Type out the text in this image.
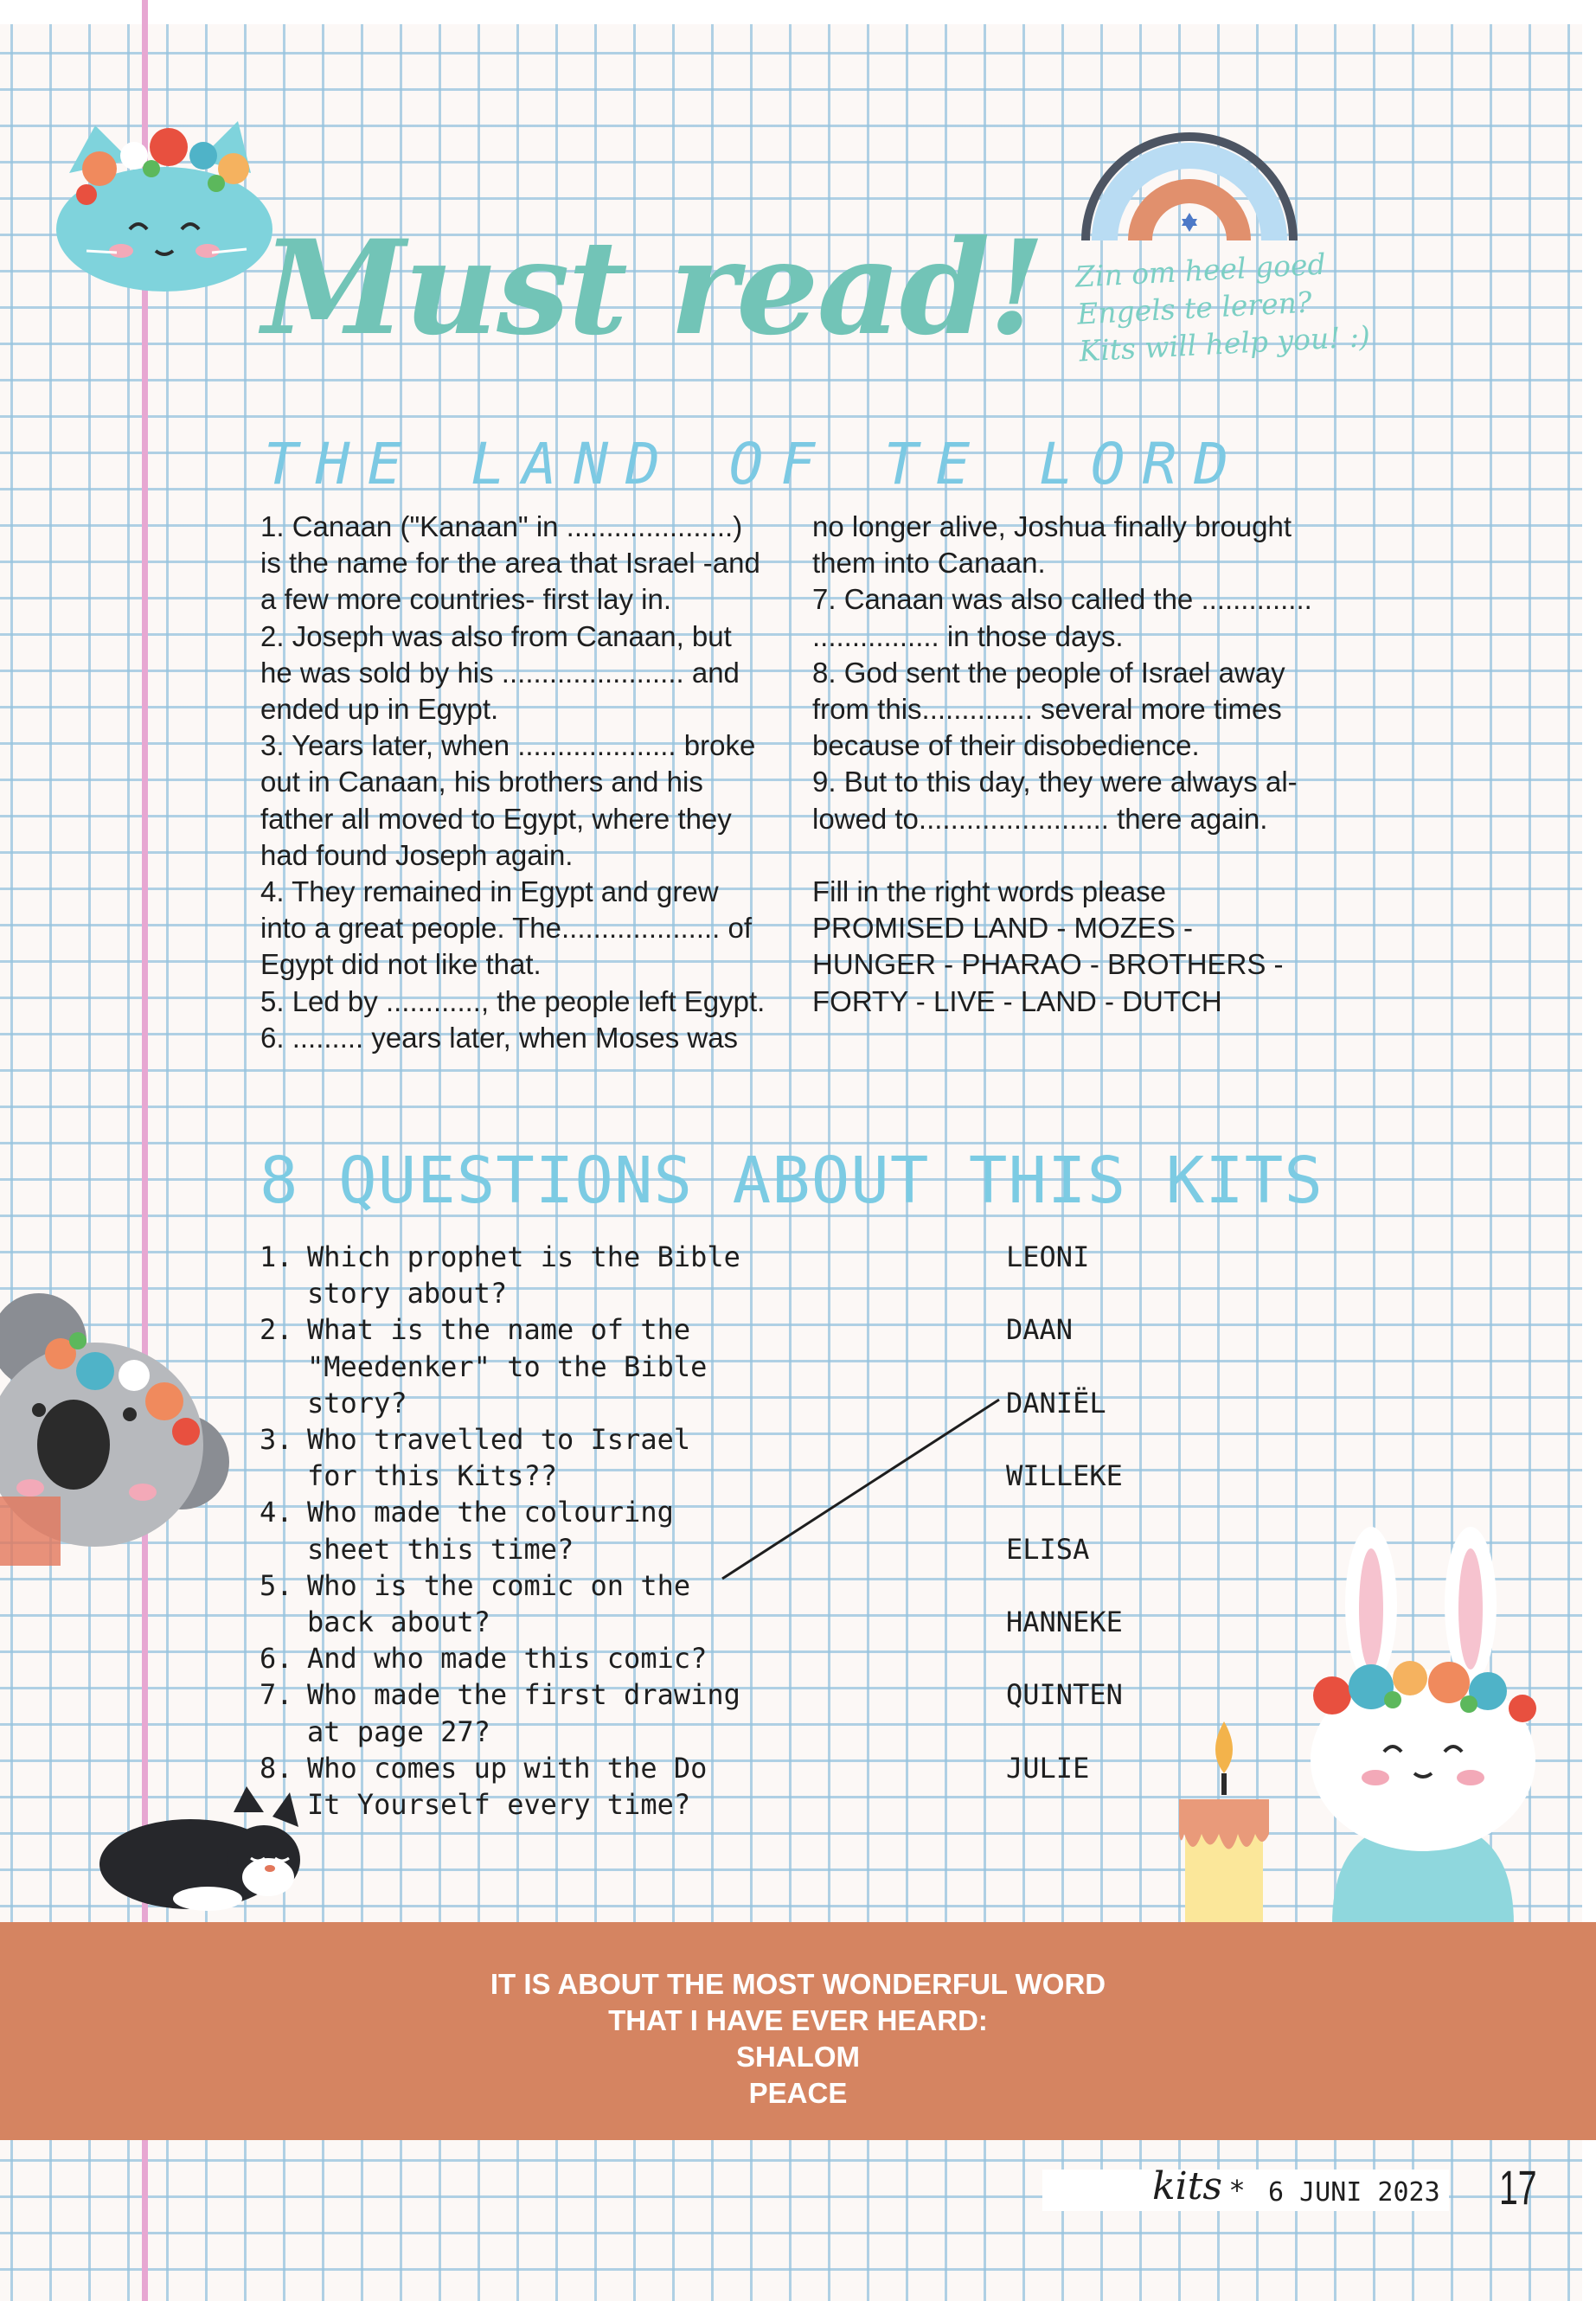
Must read! Zin om heel goed
Engels te leren?
Kits will help you! :)
THE LAND OF TE LORD
1. Canaan ("Kanaan" in .....................)
is the name for the area that Israel -and
a few more countries- first lay in.
2. Joseph was also from Canaan, but
he was sold by his ....................... and
ended up in Egypt.
3. Years later, when .................... broke
out in Canaan, his brothers and his
father all moved to Egypt, where they
had found Joseph again.
4. They remained in Egypt and grew
into a great people. The.................... of
Egypt did not like that.
5. Led by ............, the people left Egypt.
6. ......... years later, when Moses was
no longer alive, Joshua finally brought
them into Canaan.
7. Canaan was also called the ..............
................ in those days.
8. God sent the people of Israel away
from this.............. several more times
because of their disobedience.
9. But to this day, they were always al-
lowed to........................ there again.

Fill in the right words please
PROMISED LAND - MOZES -
HUNGER - PHARAO - BROTHERS -
FORTY - LIVE - LAND - DUTCH
8 QUESTIONS ABOUT THIS KITS
1. Which prophet is the Bible
story about?
2. What is the name of the
"Meedenker" to the Bible
story?
3. Who travelled to Israel
for this Kits??
4. Who made the colouring
sheet this time?
5. Who is the comic on the
back about?
6. And who made this comic?
7. Who made the first drawing
at page 27?
8. Who comes up with the Do
It Yourself every time?
LEONI
DAAN
DANIËL
WILLEKE
ELISA
HANNEKE
QUINTEN
JULIE
IT IS ABOUT THE MOST WONDERFUL WORD
THAT I HAVE EVER HEARD:
SHALOM
PEACE
kits * 6 JUNI 2023 17
